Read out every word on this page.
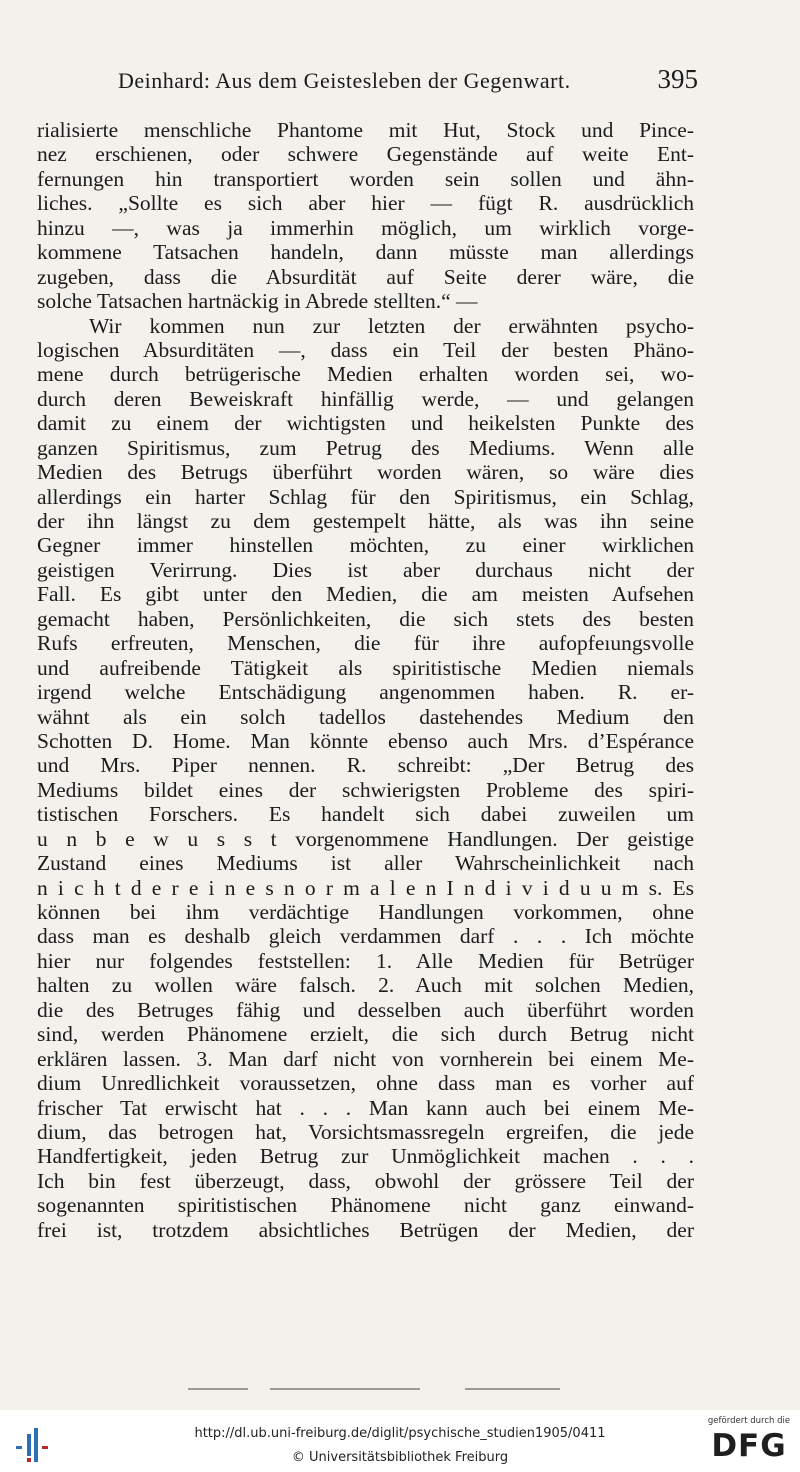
Deinhard: Aus dem Geistesleben der Gegenwart.	395
rialisierte menschliche Phantome mit Hut, Stock und Pince-
nez erschienen, oder schwere Gegenstände auf weite Ent-
fernungen hin transportiert worden sein sollen und ähn-
liches. „Sollte es sich aber hier — fügt R. ausdrücklich
hinzu —, was ja immerhin möglich, um wirklich vorge-
kommene Tatsachen handeln, dann müsste man allerdings
zugeben, dass die Absurdität auf Seite derer wäre, die
solche Tatsachen hartnäckig in Abrede stellten.“ —
Wir kommen nun zur letzten der erwähnten psycho-
logischen Absurditäten —, dass ein Teil der besten Phäno-
mene durch betrügerische Medien erhalten worden sei, wo-
durch deren Beweiskraft hinfällig werde, — und gelangen
damit zu einem der wichtigsten und heikelsten Punkte des
ganzen Spiritismus, zum Petrug des Mediums. Wenn alle
Medien des Betrugs überführt worden wären, so wäre dies
allerdings ein harter Schlag für den Spiritismus, ein Schlag,
der ihn längst zu dem gestempelt hätte, als was ihn seine
Gegner immer hinstellen möchten, zu einer wirklichen
geistigen Verirrung. Dies ist aber durchaus nicht der
Fall. Es gibt unter den Medien, die am meisten Aufsehen
gemacht haben, Persönlichkeiten, die sich stets des besten
Rufs erfreuten, Menschen, die für ihre aufopfeıungsvolle
und aufreibende Tätigkeit als spiritistische Medien niemals
irgend welche Entschädigung angenommen haben. R. er-
wähnt als ein solch tadellos dastehendes Medium den
Schotten D. Home. Man könnte ebenso auch Mrs. d’Espérance
und Mrs. Piper nennen. R. schreibt: „Der Betrug des
Mediums bildet eines der schwierigsten Probleme des spiri-
tistischen Forschers. Es handelt sich dabei zuweilen um
u n b e w u s s t vorgenommene Handlungen. Der geistige
Zustand eines Mediums ist aller Wahrscheinlichkeit nach
n i c h t d e r e i n e s n o r m a l e n I n d i v i d u u m s. Es
können bei ihm verdächtige Handlungen vorkommen, ohne
dass man es deshalb gleich verdammen darf . . . Ich möchte
hier nur folgendes feststellen: 1. Alle Medien für Betrüger
halten zu wollen wäre falsch. 2. Auch mit solchen Medien,
die des Betruges fähig und desselben auch überführt worden
sind, werden Phänomene erzielt, die sich durch Betrug nicht
erklären lassen. 3. Man darf nicht von vornherein bei einem Me-
dium Unredlichkeit voraussetzen, ohne dass man es vorher auf
frischer Tat erwischt hat . . . Man kann auch bei einem Me-
dium, das betrogen hat, Vorsichtsmassregeln ergreifen, die jede
Handfertigkeit, jeden Betrug zur Unmöglichkeit machen . . .
Ich bin fest überzeugt, dass, obwohl der grössere Teil der
sogenannten spiritistischen Phänomene nicht ganz einwand-
frei ist, trotzdem absichtliches Betrügen der Medien, der
http://dl.ub.uni-freiburg.de/diglit/psychische_studien1905/0411
© Universitätsbibliothek Freiburg
gefördert durch die
DFG
